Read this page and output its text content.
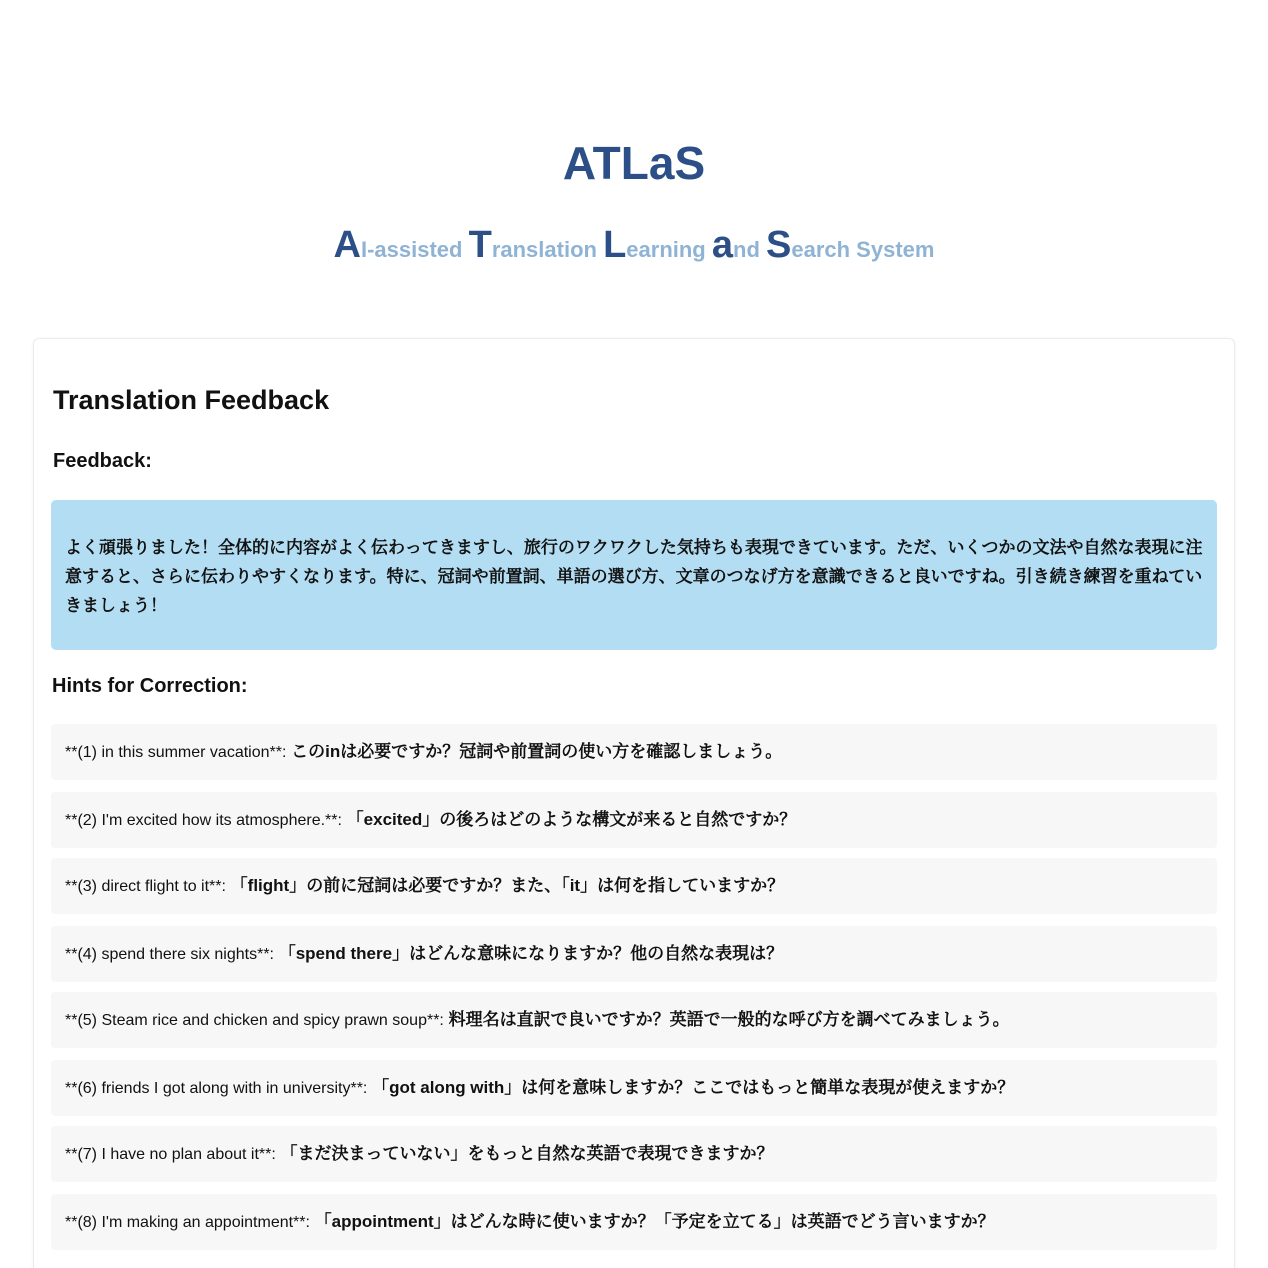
ATLaS
AI-assisted Translation Learning and Search System
Translation Feedback
Feedback:
よく頑張りました！全体的に内容がよく伝わってきますし、旅行のワクワクした気持ちも表現できています。ただ、いくつかの文法や自然な表現に注意すると、さらに伝わりやすくなります。特に、冠詞や前置詞、単語の選び方、文章のつなげ方を意識できると良いですね。引き続き練習を重ねていきましょう！
Hints for Correction:
**(1) in this summer vacation**: このinは必要ですか？冠詞や前置詞の使い方を確認しましょう。
**(2) I'm excited how its atmosphere.**: 「excited」の後ろはどのような構文が来ると自然ですか？
**(3) direct flight to it**: 「flight」の前に冠詞は必要ですか？また、「it」は何を指していますか？
**(4) spend there six nights**: 「spend there」はどんな意味になりますか？他の自然な表現は？
**(5) Steam rice and chicken and spicy prawn soup**: 料理名は直訳で良いですか？英語で一般的な呼び方を調べてみましょう。
**(6) friends I got along with in university**: 「got along with」は何を意味しますか？ここではもっと簡単な表現が使えますか？
**(7) I have no plan about it**: 「まだ決まっていない」をもっと自然な英語で表現できますか？
**(8) I'm making an appointment**: 「appointment」はどんな時に使いますか？「予定を立てる」は英語でどう言いますか？
